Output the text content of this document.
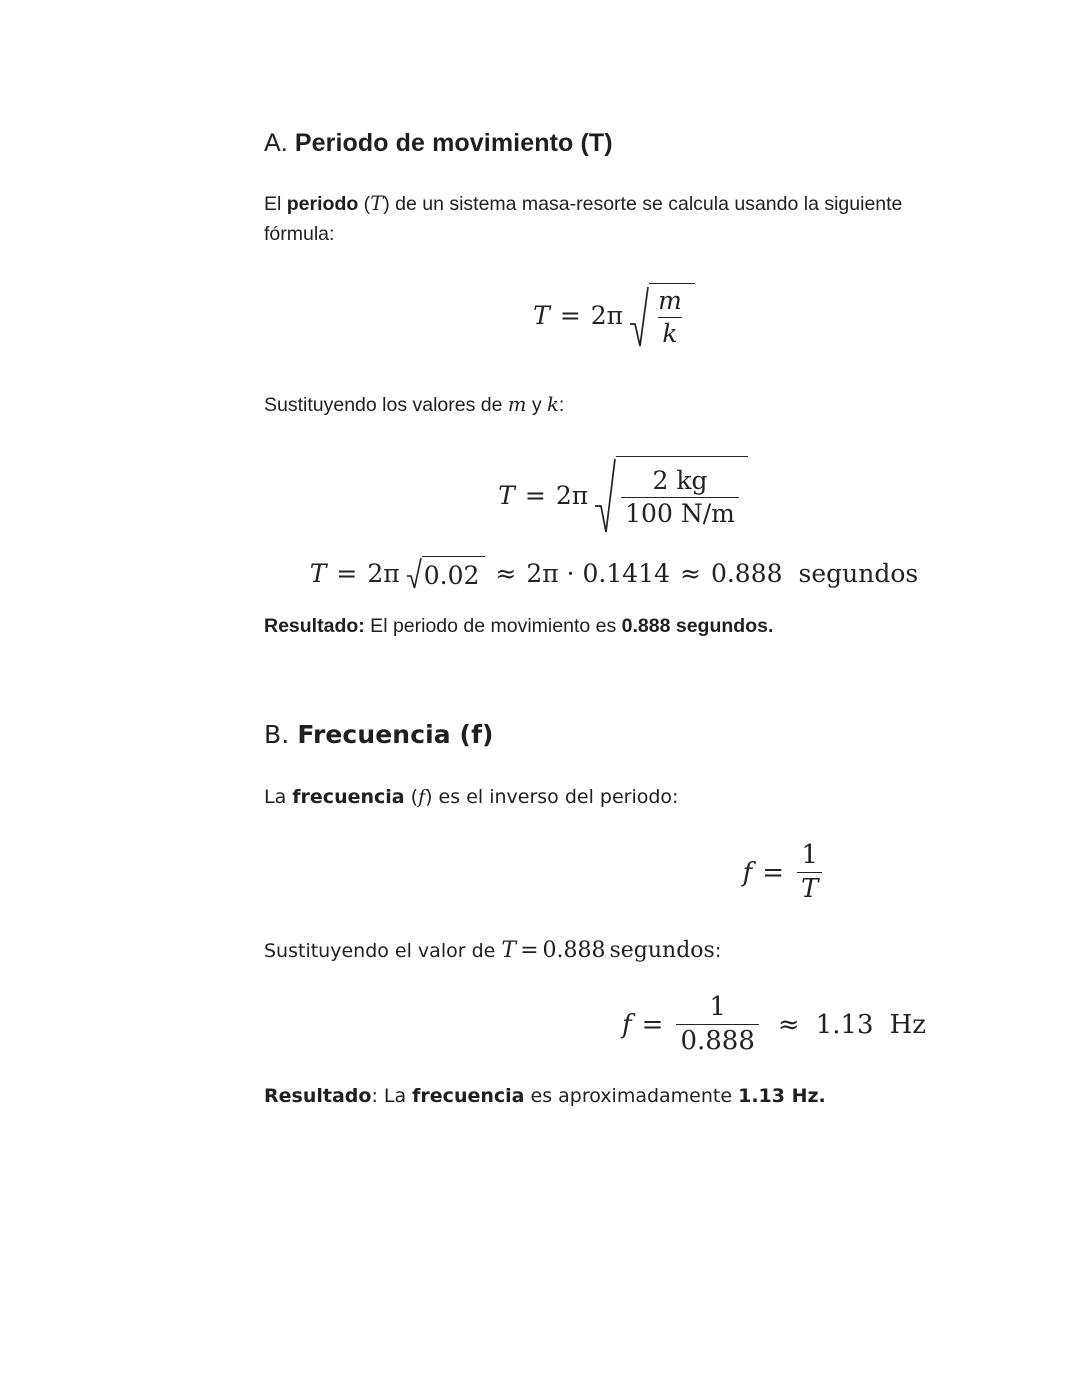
A. Periodo de movimiento (T)

El periodo (T) de un sistema masa-resorte se calcula usando la siguiente fórmula:

$T = 2\pi \frac{m}{k}$

Sustituyendo los valores de m y k:

$T = 2\pi \frac{2 kg}{100 N/m}$
T = 2π 0.02 ≈ 2π · 0.1414 ≈ 0.888 segundos

Resultado: El periodo de movimiento es 0.888 segundos.

B. Frecuencia (f)

La frecuencia (f) es el inverso del periodo:

$f = \frac{1}{T}$

Sustituyendo el valor de T = 0.888 segundos:

$f = \frac{1}{0.888} \approx 1.13$ Hz

Resultado: La frecuencia es aproximadamente 1.13 Hz.
